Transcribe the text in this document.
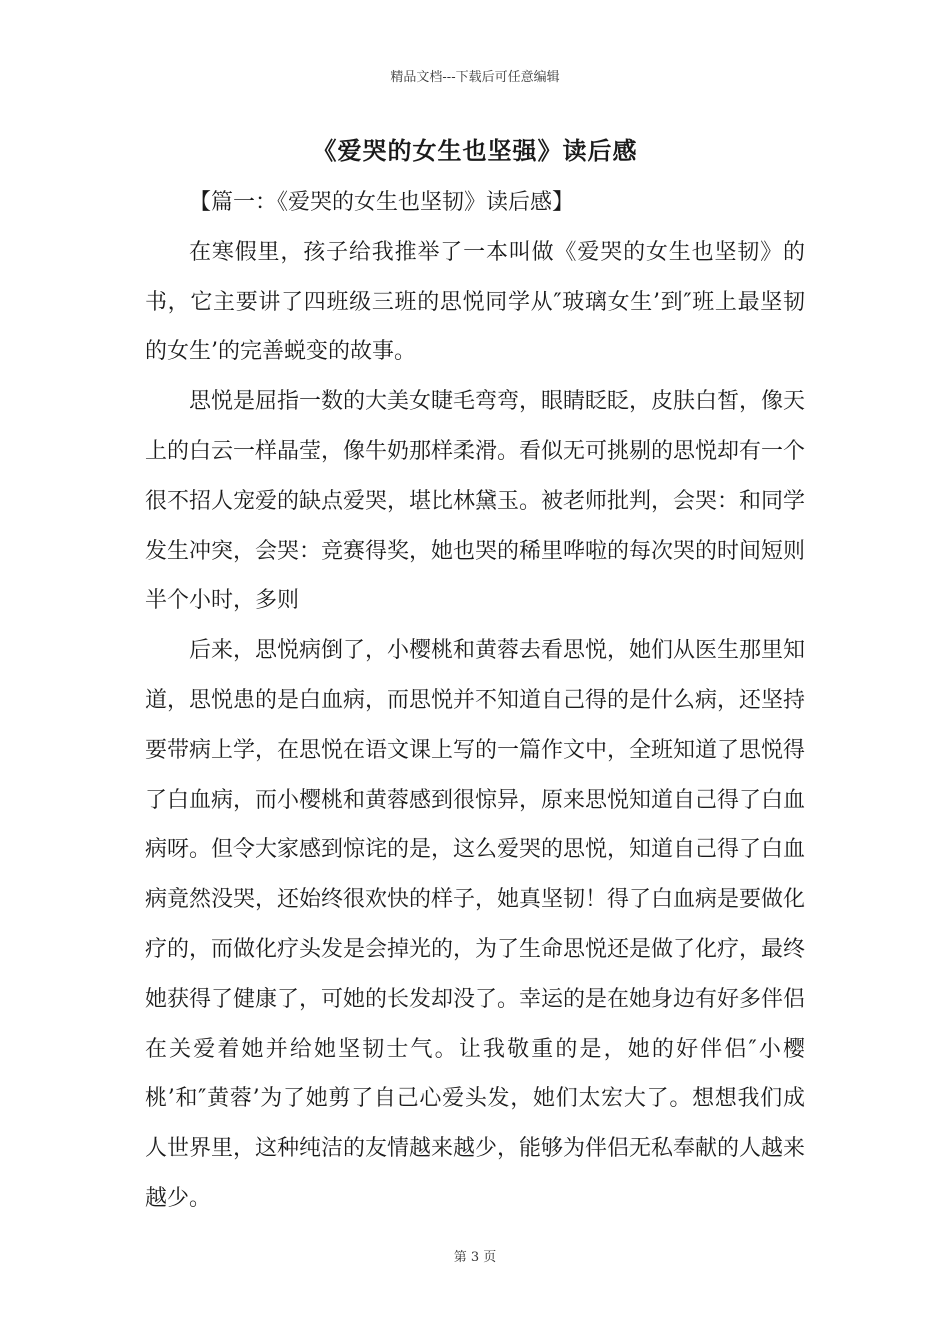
精品文档---下载后可任意编辑
《爱哭的女生也坚强》读后感

【篇一：《爱哭的女生也坚韧》读后感】

在寒假里，孩子给我推举了一本叫做《爱哭的女生也坚韧》的书，它主要讲了四班级三班的思悦同学从″玻璃女生’到″班上最坚韧的女生’的完善蜕变的故事。

思悦是屈指一数的大美女睫毛弯弯，眼睛眨眨，皮肤白皙，像天上的白云一样晶莹，像牛奶那样柔滑。看似无可挑剔的思悦却有一个很不招人宠爱的缺点爱哭，堪比林黛玉。被老师批判，会哭：和同学发生冲突，会哭：竞赛得奖，她也哭的稀里哗啦的每次哭的时间短则半个小时，多则

后来，思悦病倒了，小樱桃和黄蓉去看思悦，她们从医生那里知道，思悦患的是白血病，而思悦并不知道自己得的是什么病，还坚持要带病上学，在思悦在语文课上写的一篇作文中，全班知道了思悦得了白血病，而小樱桃和黄蓉感到很惊异，原来思悦知道自己得了白血病呀。但令大家感到惊诧的是，这么爱哭的思悦，知道自己得了白血病竟然没哭，还始终很欢快的样子，她真坚韧！得了白血病是要做化疗的，而做化疗头发是会掉光的，为了生命思悦还是做了化疗，最终她获得了健康了，可她的长发却没了。幸运的是在她身边有好多伴侣在关爱着她并给她坚韧士气。让我敬重的是，她的好伴侣″小樱桃’和″黄蓉’为了她剪了自己心爱头发，她们太宏大了。想想我们成人世界里，这种纯洁的友情越来越少，能够为伴侣无私奉献的人越来越少。

第 3 页
